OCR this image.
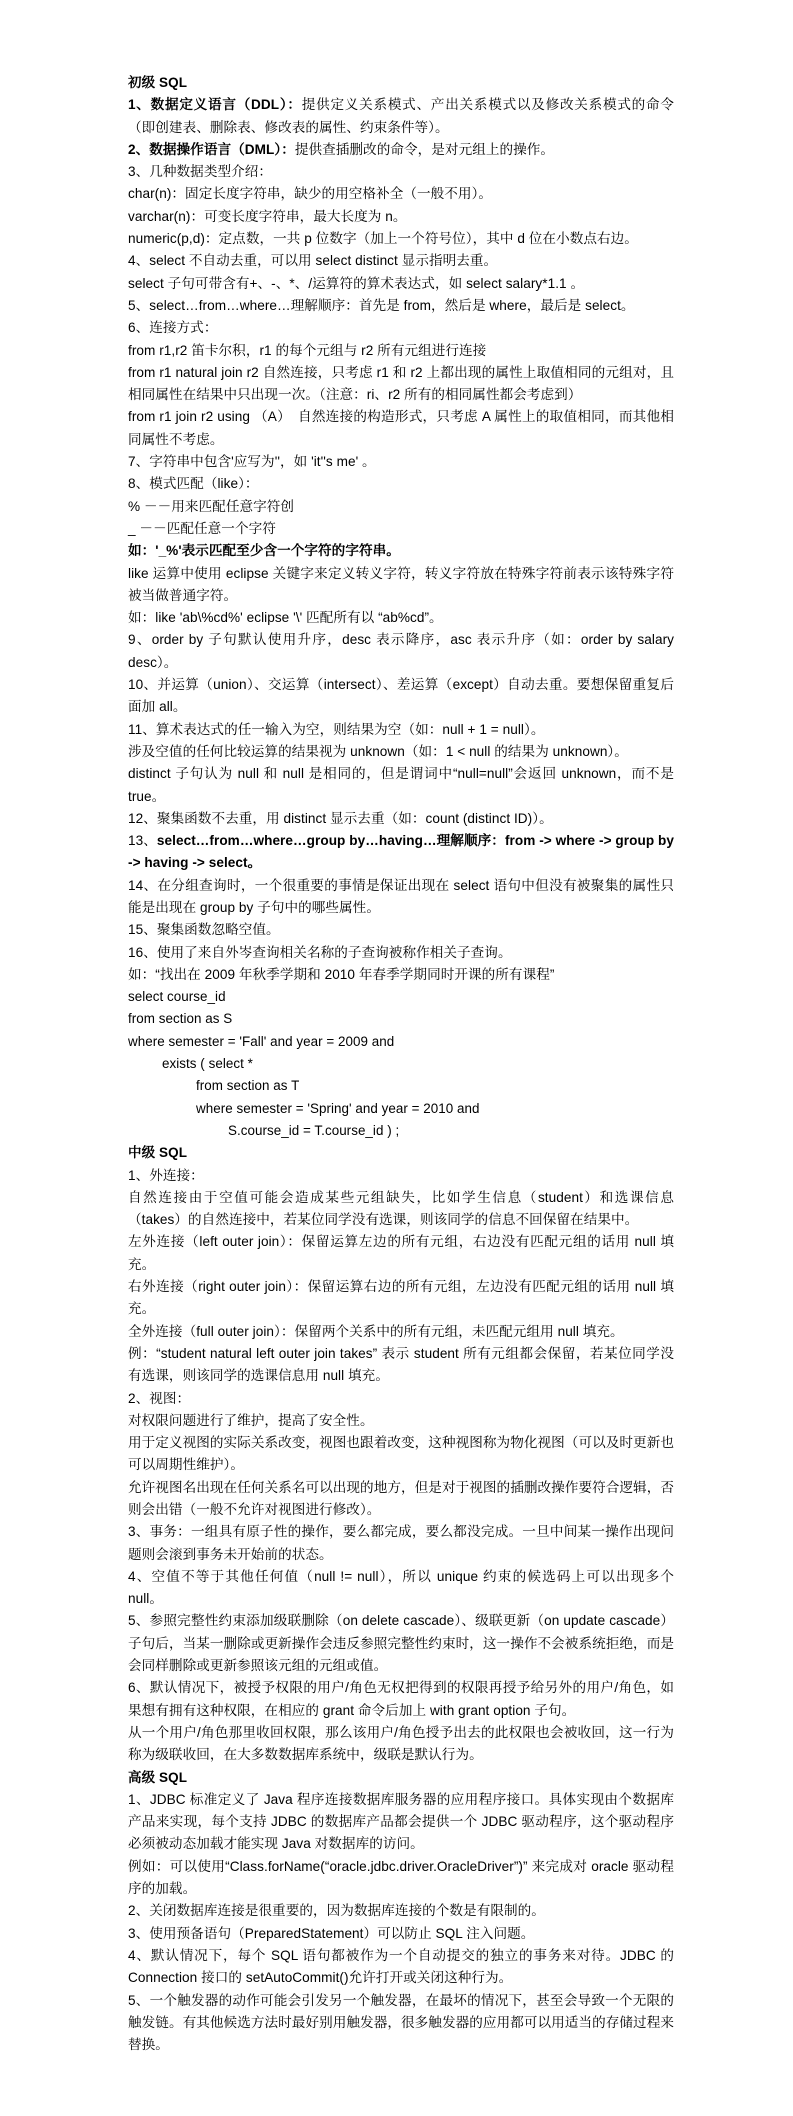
初级 SQL
1、数据定义语言（DDL）：提供定义关系模式、产出关系模式以及修改关系模式的命令（即创建表、删除表、修改表的属性、约束条件等）。
2、数据操作语言（DML）：提供查插删改的命令，是对元组上的操作。
3、几种数据类型介绍：
char(n)：固定长度字符串，缺少的用空格补全（一般不用）。
varchar(n)：可变长度字符串，最大长度为 n。
numeric(p,d)：定点数，一共 p 位数字（加上一个符号位），其中 d 位在小数点右边。
4、select 不自动去重，可以用 select distinct 显示指明去重。
select 子句可带含有+、-、*、/运算符的算术表达式，如 select salary*1.1 。
5、select…from…where…理解顺序：首先是 from，然后是 where，最后是 select。
6、连接方式：
from r1,r2 笛卡尔积，r1 的每个元组与 r2 所有元组进行连接
from r1 natural join r2 自然连接，只考虑 r1 和 r2 上都出现的属性上取值相同的元组对，且相同属性在结果中只出现一次。（注意：ri、r2 所有的相同属性都会考虑到）
from r1 join r2 using （A）　自然连接的构造形式，只考虑 A 属性上的取值相同，而其他相同属性不考虑。
7、字符串中包含'应写为''，如 'it''s me' 。
8、模式匹配（like）：
% －－用来匹配任意字符创
_ －－匹配任意一个字符
如：'_%'表示匹配至少含一个字符的字符串。
like 运算中使用 eclipse 关键字来定义转义字符，转义字符放在特殊字符前表示该特殊字符被当做普通字符。
如：like 'ab\%cd%' eclipse '\' 匹配所有以 “ab%cd”。
9、order by 子句默认使用升序，desc 表示降序，asc 表示升序（如：order by salary desc）。
10、并运算（union）、交运算（intersect）、差运算（except）自动去重。要想保留重复后面加 all。
11、算术表达式的任一输入为空，则结果为空（如：null + 1 = null）。
涉及空值的任何比较运算的结果视为 unknown（如：1 < null 的结果为 unknown）。
distinct 子句认为 null 和 null 是相同的，但是谓词中“null=null”会返回 unknown，而不是 true。
12、聚集函数不去重，用 distinct 显示去重（如：count (distinct ID)）。
13、select…from…where…group by…having…理解顺序：from -> where -> group by -> having -> select。
14、在分组查询时，一个很重要的事情是保证出现在 select 语句中但没有被聚集的属性只能是出现在 group by 子句中的哪些属性。
15、聚集函数忽略空值。
16、使用了来自外岑查询相关名称的子查询被称作相关子查询。
如：“找出在 2009 年秋季学期和 2010 年春季学期同时开课的所有课程”
select course_id
from section as S
where semester = 'Fall' and year = 2009 and
exists ( select *
from section as T
where semester = 'Spring' and year = 2010 and
S.course_id = T.course_id ) ;
中级 SQL
1、外连接：
自然连接由于空值可能会造成某些元组缺失，比如学生信息（student）和选课信息（takes）的自然连接中，若某位同学没有选课，则该同学的信息不回保留在结果中。
左外连接（left outer join）：保留运算左边的所有元组，右边没有匹配元组的话用 null 填充。
右外连接（right outer join）：保留运算右边的所有元组，左边没有匹配元组的话用 null 填充。
全外连接（full outer join）：保留两个关系中的所有元组，未匹配元组用 null 填充。
例：“student natural left outer join takes” 表示 student 所有元组都会保留，若某位同学没有选课，则该同学的选课信息用 null 填充。
2、视图：
对权限问题进行了维护，提高了安全性。
用于定义视图的实际关系改变，视图也跟着改变，这种视图称为物化视图（可以及时更新也可以周期性维护）。
允许视图名出现在任何关系名可以出现的地方，但是对于视图的插删改操作要符合逻辑，否则会出错（一般不允许对视图进行修改）。
3、事务：一组具有原子性的操作，要么都完成，要么都没完成。一旦中间某一操作出现问题则会滚到事务未开始前的状态。
4、空值不等于其他任何值（null != null），所以 unique 约束的候选码上可以出现多个 null。
5、参照完整性约束添加级联删除（on delete cascade）、级联更新（on update cascade）子句后，当某一删除或更新操作会违反参照完整性约束时，这一操作不会被系统拒绝，而是会同样删除或更新参照该元组的元组或值。
6、默认情况下，被授予权限的用户/角色无权把得到的权限再授予给另外的用户/角色，如果想有拥有这种权限，在相应的 grant 命令后加上 with grant option 子句。
从一个用户/角色那里收回权限，那么该用户/角色授予出去的此权限也会被收回，这一行为称为级联收回，在大多数数据库系统中，级联是默认行为。
高级 SQL
1、JDBC 标准定义了 Java 程序连接数据库服务器的应用程序接口。具体实现由个数据库产品来实现，每个支持 JDBC 的数据库产品都会提供一个 JDBC 驱动程序，这个驱动程序必须被动态加载才能实现 Java 对数据库的访问。
例如：可以使用“Class.forName(“oracle.jdbc.driver.OracleDriver”)” 来完成对 oracle 驱动程序的加载。
2、关闭数据库连接是很重要的，因为数据库连接的个数是有限制的。
3、使用预备语句（PreparedStatement）可以防止 SQL 注入问题。
4、默认情况下，每个 SQL 语句都被作为一个自动提交的独立的事务来对待。JDBC 的 Connection 接口的 setAutoCommit()允许打开或关闭这种行为。
5、一个触发器的动作可能会引发另一个触发器，在最坏的情况下，甚至会导致一个无限的触发链。有其他候选方法时最好别用触发器，很多触发器的应用都可以用适当的存储过程来替换。
